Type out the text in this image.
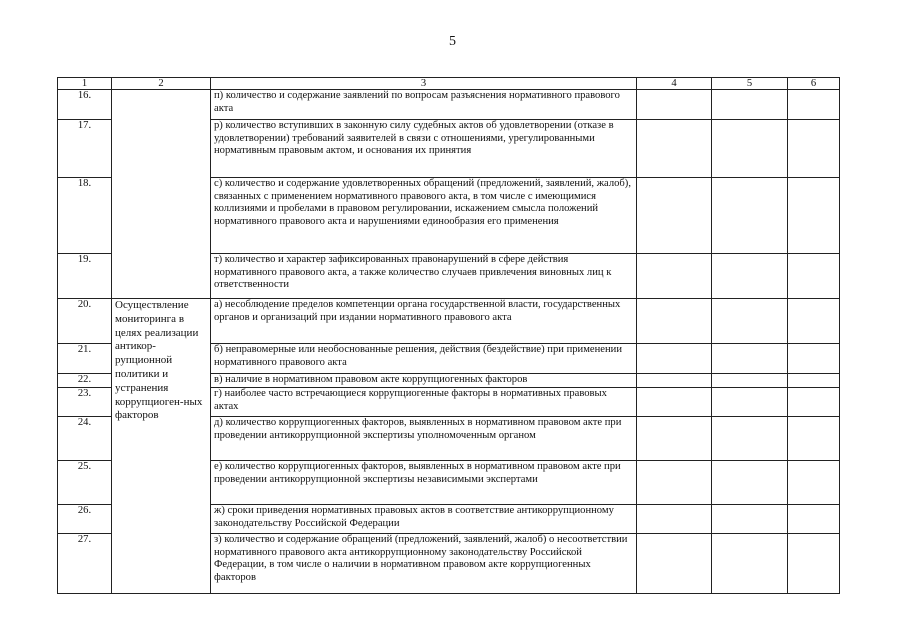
5
1	2	3	4	5	6
16.		п) количество и содержание заявлений по вопросам разъяснения нормативного правового акта			
17.		р) количество вступивших в законную силу судебных актов об удовлетворении (отказе в удовлетворении) требований заявителей в связи с отношениями, урегулированными нормативным правовым актом, и основания их принятия			
18.		с) количество и содержание удовлетворенных обращений (предложений, заявлений, жалоб), связанных с применением нормативного правового акта, в том числе с имеющимися коллизиями и пробелами в правовом регулировании, искажением смысла положений нормативного правового акта и нарушениями единообразия его применения			
19.		т) количество и характер зафиксированных правонарушений в сфере действия нормативного правового акта, а также количество случаев привлечения виновных лиц к ответственности			
20.	Осуществление мониторинга в целях реализации антикор-рупционной политики и устранения коррупциоген-ных факторов	а) несоблюдение пределов компетенции органа государственной власти, государственных органов и организаций при издании нормативного правового акта			
21.		б) неправомерные или необоснованные решения, действия (бездействие) при применении нормативного правового акта			
22.		в) наличие в нормативном правовом акте коррупциогенных факторов			
23.		г) наиболее часто встречающиеся коррупциогенные факторы в нормативных правовых актах			
24.		д) количество коррупциогенных факторов, выявленных в нормативном правовом акте при проведении антикоррупционной экспертизы уполномоченным органом			
25.		е) количество коррупциогенных факторов, выявленных в нормативном правовом акте при проведении антикоррупционной экспертизы независимыми экспертами			
26.		ж) сроки приведения нормативных правовых актов в соответствие антикоррупционному законодательству Российской Федерации			
27.		з) количество и содержание обращений (предложений, заявлений, жалоб) о несоответствии нормативного правового акта антикоррупционному законодательству Российской Федерации, в том числе о наличии в нормативном правовом акте коррупциогенных факторов			
